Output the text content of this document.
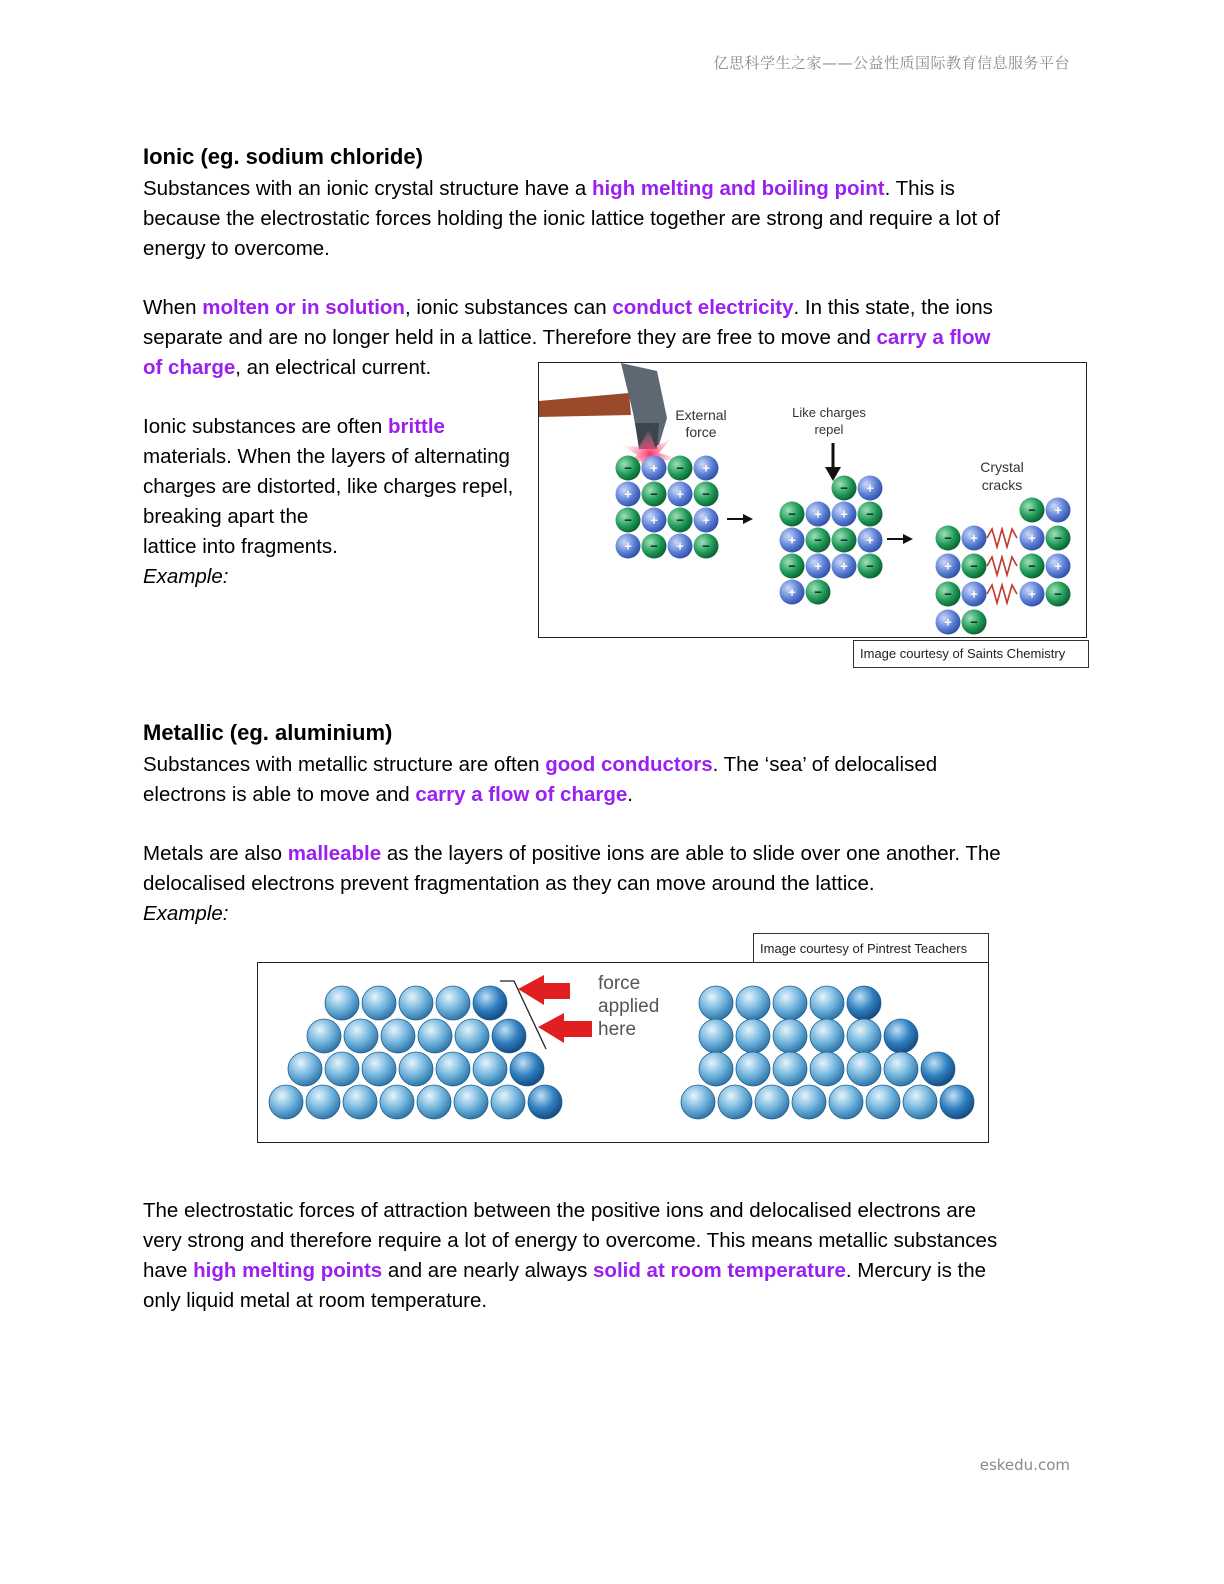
亿思科学生之家——公益性质国际教育信息服务平台
Ionic (eg. sodium chloride)

Substances with an ionic crystal structure have a high melting and boiling point. This is
because the electrostatic forces holding the ionic lattice together are strong and require a lot of
energy to overcome.

When molten or in solution, ionic substances can conduct electricity. In this state, the ions
separate and are no longer held in a lattice. Therefore they are free to move and carry a flow
of charge, an electrical current.

Ionic substances are often brittle
materials. When the layers of alternating
charges are distorted, like charges repel,
breaking apart the
lattice into fragments.
Example:

External
force
Like charges
repel
Crystal
cracks
− + − +
+ − + −
− + − +
+ − + −
− +
− + + −
+ − − +
− + + −
+ −
− +
− +	+ −
+ −	− +
− +	+ −
+ −
Image courtesy of Saints Chemistry
Metallic (eg. aluminium)

Substances with metallic structure are often good conductors. The ‘sea’ of delocalised
electrons is able to move and carry a flow of charge.

Metals are also malleable as the layers of positive ions are able to slide over one another. The
delocalised electrons prevent fragmentation as they can move around the lattice.
Example:

Image courtesy of Pintrest Teachers
force
applied
here

The electrostatic forces of attraction between the positive ions and delocalised electrons are
very strong and therefore require a lot of energy to overcome. This means metallic substances
have high melting points and are nearly always solid at room temperature. Mercury is the
only liquid metal at room temperature.

eskedu.com
